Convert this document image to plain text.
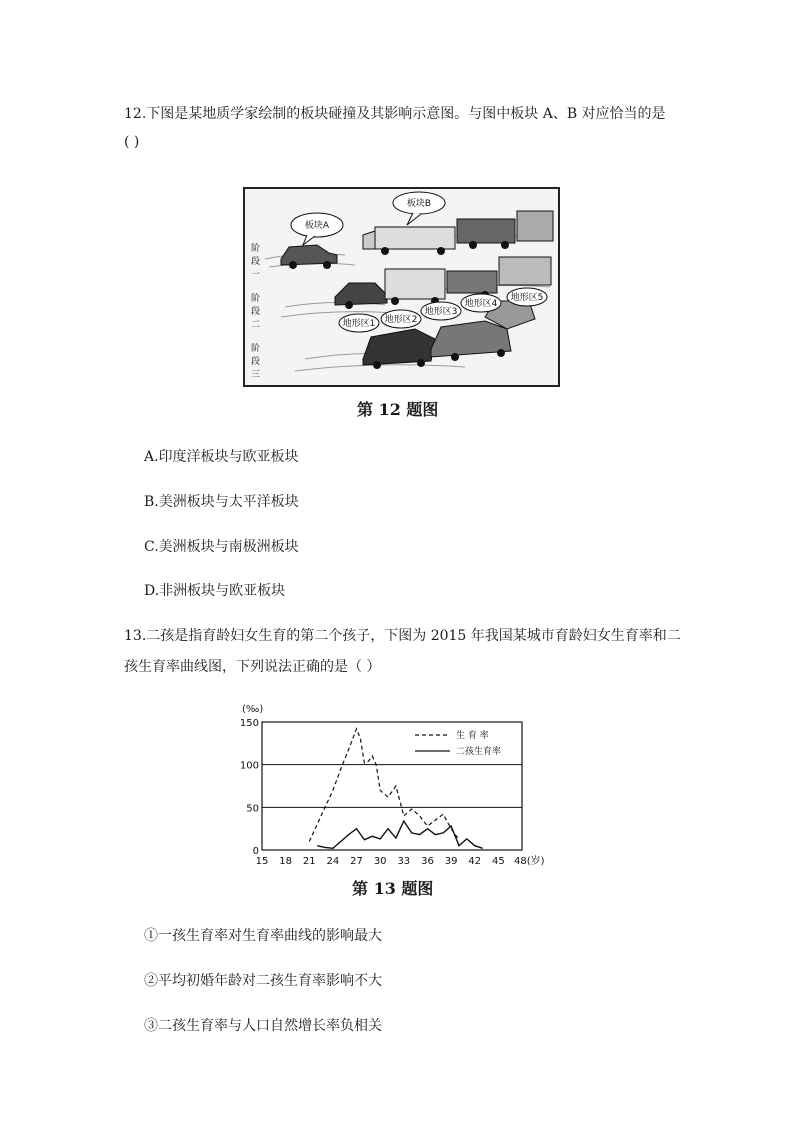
12.下图是某地质学家绘制的板块碰撞及其影响示意图。与图中板块 A、B 对应恰当的是
( )
阶
段
一
阶
段
二
阶
段
三
板块A
板块B
地形区1 地形区2
地形区3
地形区4
地形区5
第 12 题图
A.印度洋板块与欧亚板块
B.美洲板块与太平洋板块
C.美洲板块与南极洲板块
D.非洲板块与欧亚板块
13.二孩是指育龄妇女生育的第二个孩子，下图为 2015 年我国某城市育龄妇女生育率和二
孩生育率曲线图，下列说法正确的是（ ）
0
50
100
150
(‰)
15 18 21 24 27 30 33 36 39 42 45 48(岁)
生 育 率
二孩生育率
第 13 题图
①一孩生育率对生育率曲线的影响最大
②平均初婚年龄对二孩生育率影响不大
③二孩生育率与人口自然增长率负相关
